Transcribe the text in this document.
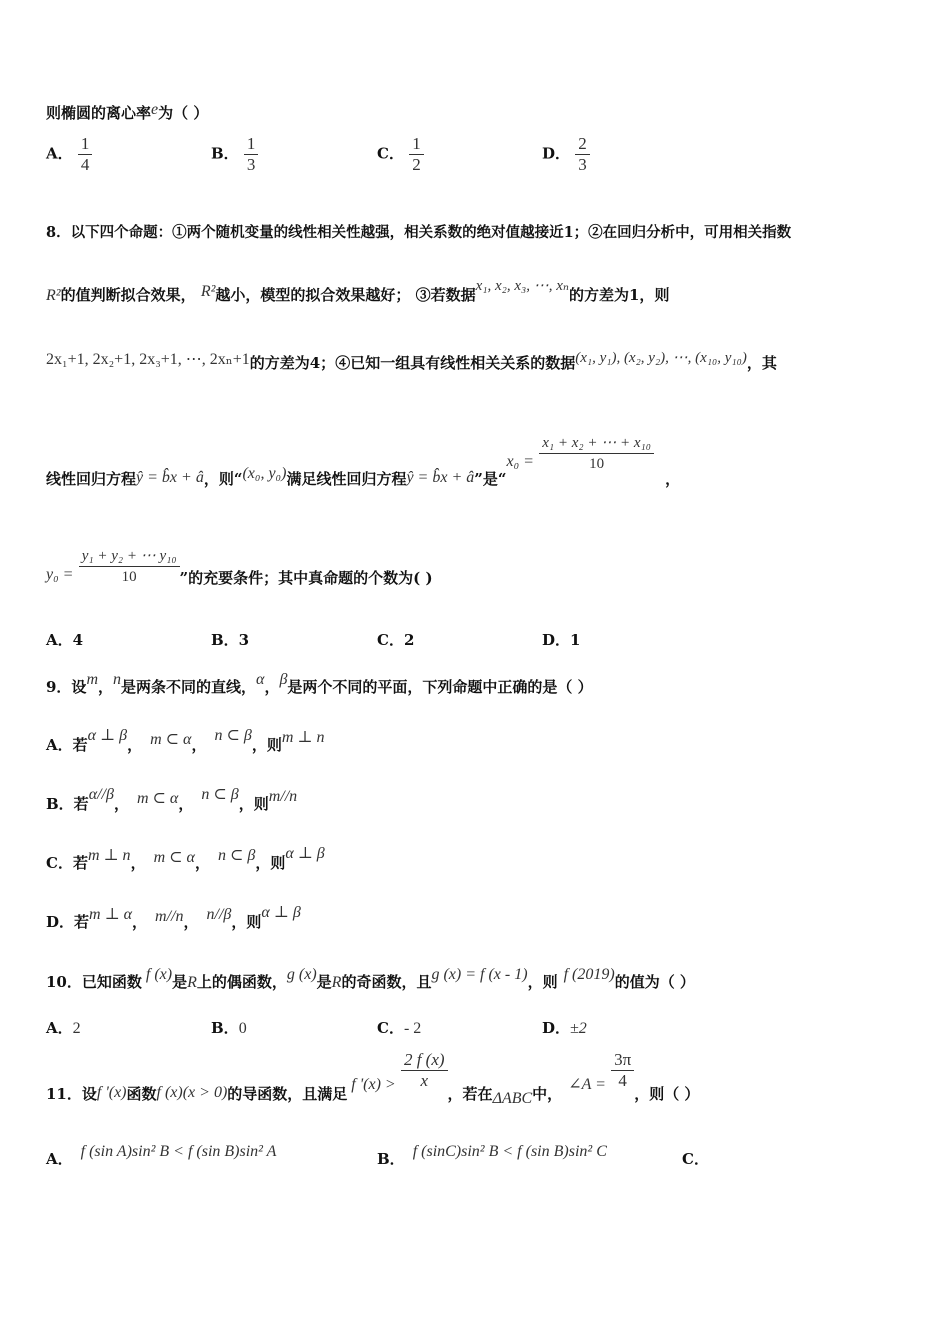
则椭圆的离心率e为（ ）
A． $\frac{1}{4}$	B． $\frac{1}{3}$	C． $\frac{1}{2}$	D． $\frac{2}{3}$
8．以下四个命题：①两个随机变量的线性相关性越强，相关系数的绝对值越接近1；②在回归分析中，可用相关指数
R²的值判断拟合效果， R²越小，模型的拟合效果越好； ③若数据x₁, x₂, x₃, ⋯, xₙ的方差为1，则
2x₁+1, 2x₂+1, 2x₃+1, ⋯, 2xₙ+1的方差为4；④已知一组具有线性相关关系的数据(x₁, y₁), (x₂, y₂), ⋯, (x₁₀, y₁₀)，其
线性回归方程ŷ = b̂x + â，则“(x₀, y₀)满足线性回归方程ŷ = b̂x + â”是“$x_0 = \frac{\text{x₁ + x₂ + ⋯ + x₁₀}}{10}$
，
$y_0 = \frac{\text{y₁ + y₂ + ⋯ y₁₀}}{10}$ ”的充要条件；其中真命题的个数为( )
A．4	B．3	C．2	D．1
9．设m，n是两条不同的直线，α，β是两个不同的平面，下列命题中正确的是（ ）
A．若α ⊥ β， m ⊂ α，n ⊂ β，则m ⊥ n
B．若α//β， m ⊂ α，n ⊂ β，则m//n
C．若m ⊥ n， m ⊂ α， n ⊂ β，则α ⊥ β
D．若m ⊥ α， m//n， n//β，则α ⊥ β
10．已知函数 f (x)是R上的偶函数，g (x)是R的奇函数，且g (x) = f (x - 1)，则 f (2019)的值为（ ）
A．2	B．0	C．- 2	D．±2
11．设f '(x)函数f (x)(x > 0)的导函数，且满足f '$(x) > \frac{2 f (x)}{x}$
，若在ΔABC中，∠A = $\frac{3\pi}{4}$
，则（ ）
A． f (sin A)sin² B < f (sin B)sin² A	B． f (sinC)sin² B < f (sin B)sin² C	C．
